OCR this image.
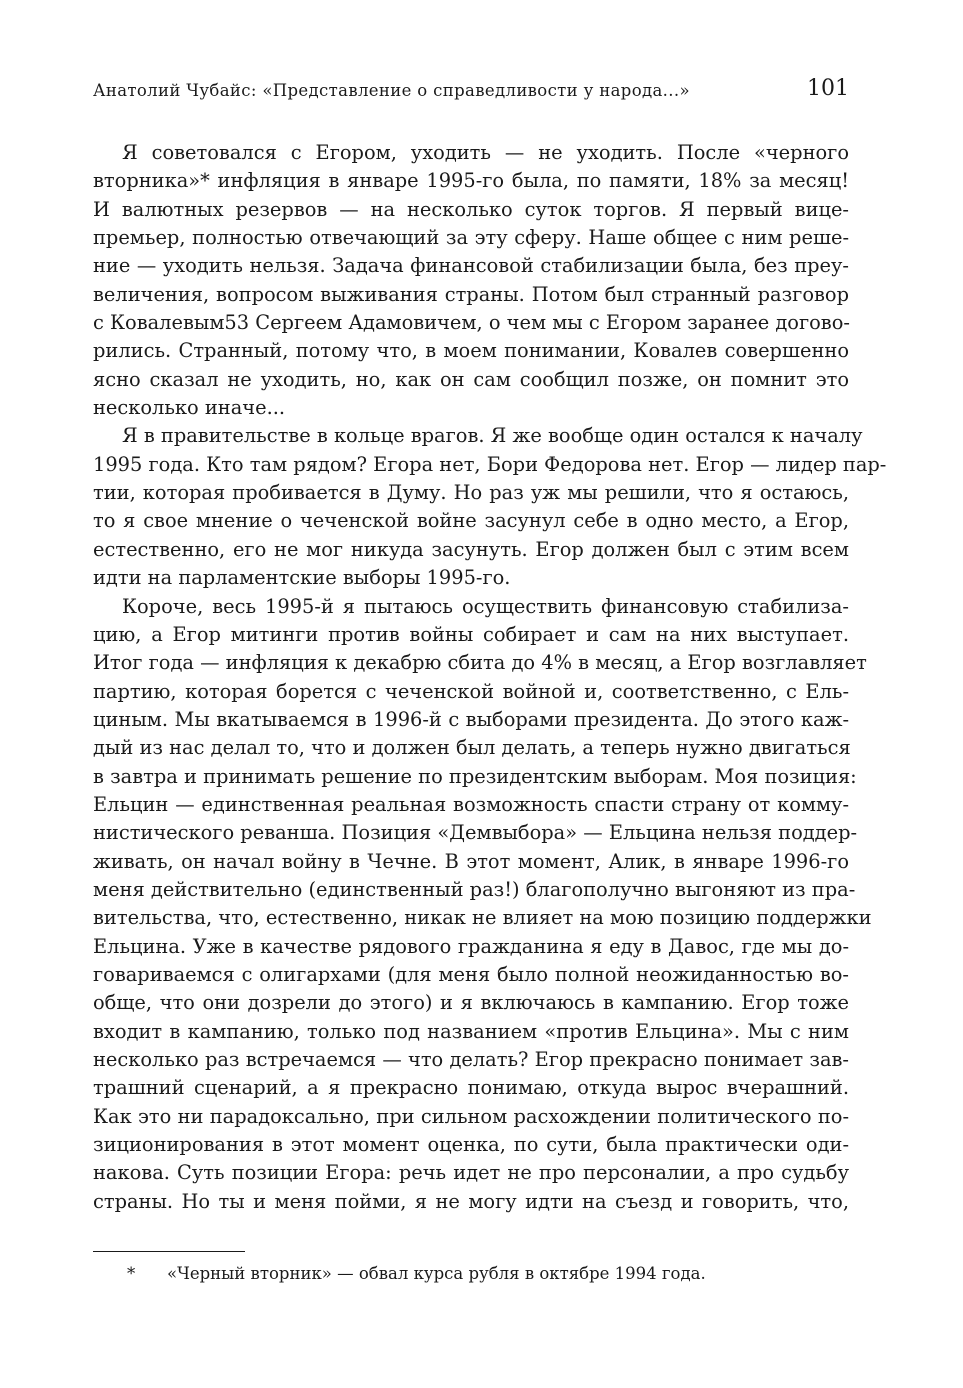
Анатолий Чубайс: «Представление о справедливости у народа...»	101
Я советовался с Егором, уходить — не уходить. После «черного
вторника»* инфляция в январе 1995-го была, по памяти, 18% за месяц!
И валютных резервов — на несколько суток торгов. Я первый вице-
премьер, полностью отвечающий за эту сферу. Наше общее с ним реше-
ние — уходить нельзя. Задача финансовой стабилизации была, без преу-
величения, вопросом выживания страны. Потом был странный разговор
с Ковалевым53 Сергеем Адамовичем, о чем мы с Егором заранее догово-
рились. Странный, потому что, в моем понимании, Ковалев совершенно
ясно сказал не уходить, но, как он сам сообщил позже, он помнит это
несколько иначе...
Я в правительстве в кольце врагов. Я же вообще один остался к началу
1995 года. Кто там рядом? Егора нет, Бори Федорова нет. Егор — лидер пар-
тии, которая пробивается в Думу. Но раз уж мы решили, что я остаюсь,
то я свое мнение о чеченской войне засунул себе в одно место, а Егор,
естественно, его не мог никуда засунуть. Егор должен был с этим всем
идти на парламентские выборы 1995-го.
Короче, весь 1995-й я пытаюсь осуществить финансовую стабилиза-
цию, а Егор митинги против войны собирает и сам на них выступает.
Итог года — инфляция к декабрю сбита до 4% в месяц, а Егор возглавляет
партию, которая борется с чеченской войной и, соответственно, с Ель-
циным. Мы вкатываемся в 1996-й с выборами президента. До этого каж-
дый из нас делал то, что и должен был делать, а теперь нужно двигаться
в завтра и принимать решение по президентским выборам. Моя позиция:
Ельцин — единственная реальная возможность спасти страну от комму-
нистического реванша. Позиция «Демвыбора» — Ельцина нельзя поддер-
живать, он начал войну в Чечне. В этот момент, Алик, в январе 1996-го
меня действительно (единственный раз!) благополучно выгоняют из пра-
вительства, что, естественно, никак не влияет на мою позицию поддержки
Ельцина. Уже в качестве рядового гражданина я еду в Давос, где мы до-
говариваемся с олигархами (для меня было полной неожиданностью во-
обще, что они дозрели до этого) и я включаюсь в кампанию. Егор тоже
входит в кампанию, только под названием «против Ельцина». Мы с ним
несколько раз встречаемся — что делать? Егор прекрасно понимает зав-
трашний сценарий, а я прекрасно понимаю, откуда вырос вчерашний.
Как это ни парадоксально, при сильном расхождении политического по-
зиционирования в этот момент оценка, по сути, была практически оди-
накова. Суть позиции Егора: речь идет не про персоналии, а про судьбу
страны. Но ты и меня пойми, я не могу идти на съезд и говорить, что,
* «Черный вторник» — обвал курса рубля в октябре 1994 года.
